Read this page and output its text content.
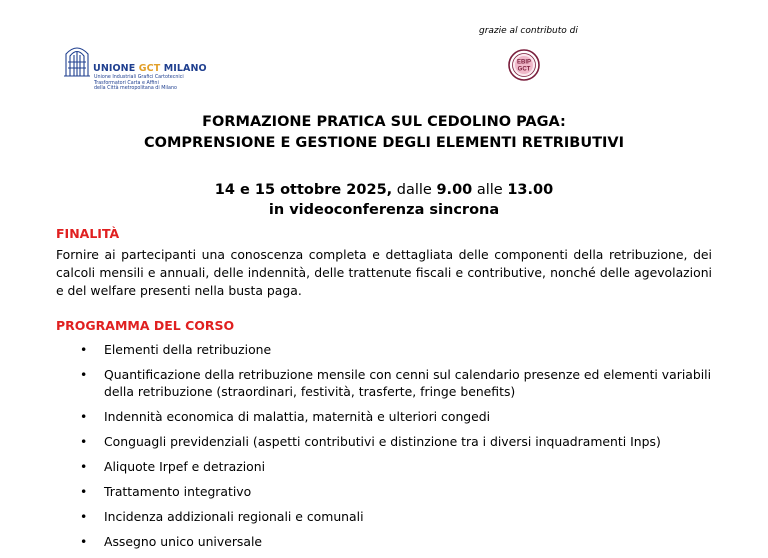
UNIONE GCT MILANO
Unione Industriali Grafici Cartotecnici
Trasformatori Carta e Affini
della Città metropolitana di Milano
grazie al contributo di
EBIP
GCT
FORMAZIONE PRATICA SUL CEDOLINO PAGA:
COMPRENSIONE E GESTIONE DEGLI ELEMENTI RETRIBUTIVI
14 e 15 ottobre 2025, dalle 9.00 alle 13.00
in videoconferenza sincrona
FINALITÀ
Fornire ai partecipanti una conoscenza completa e dettagliata delle componenti della retribuzione, dei calcoli mensili e annuali, delle indennità, delle trattenute fiscali e contributive, nonché delle agevolazioni e del welfare presenti nella busta paga.
PROGRAMMA DEL CORSO
• Elementi della retribuzione
• Quantificazione della retribuzione mensile con cenni sul calendario presenze ed elementi variabili della retribuzione (straordinari, festività, trasferte, fringe benefits)
• Indennità economica di malattia, maternità e ulteriori congedi
• Conguagli previdenziali (aspetti contributivi e distinzione tra i diversi inquadramenti Inps)
• Aliquote Irpef e detrazioni
• Trattamento integrativo
• Incidenza addizionali regionali e comunali
• Assegno unico universale
